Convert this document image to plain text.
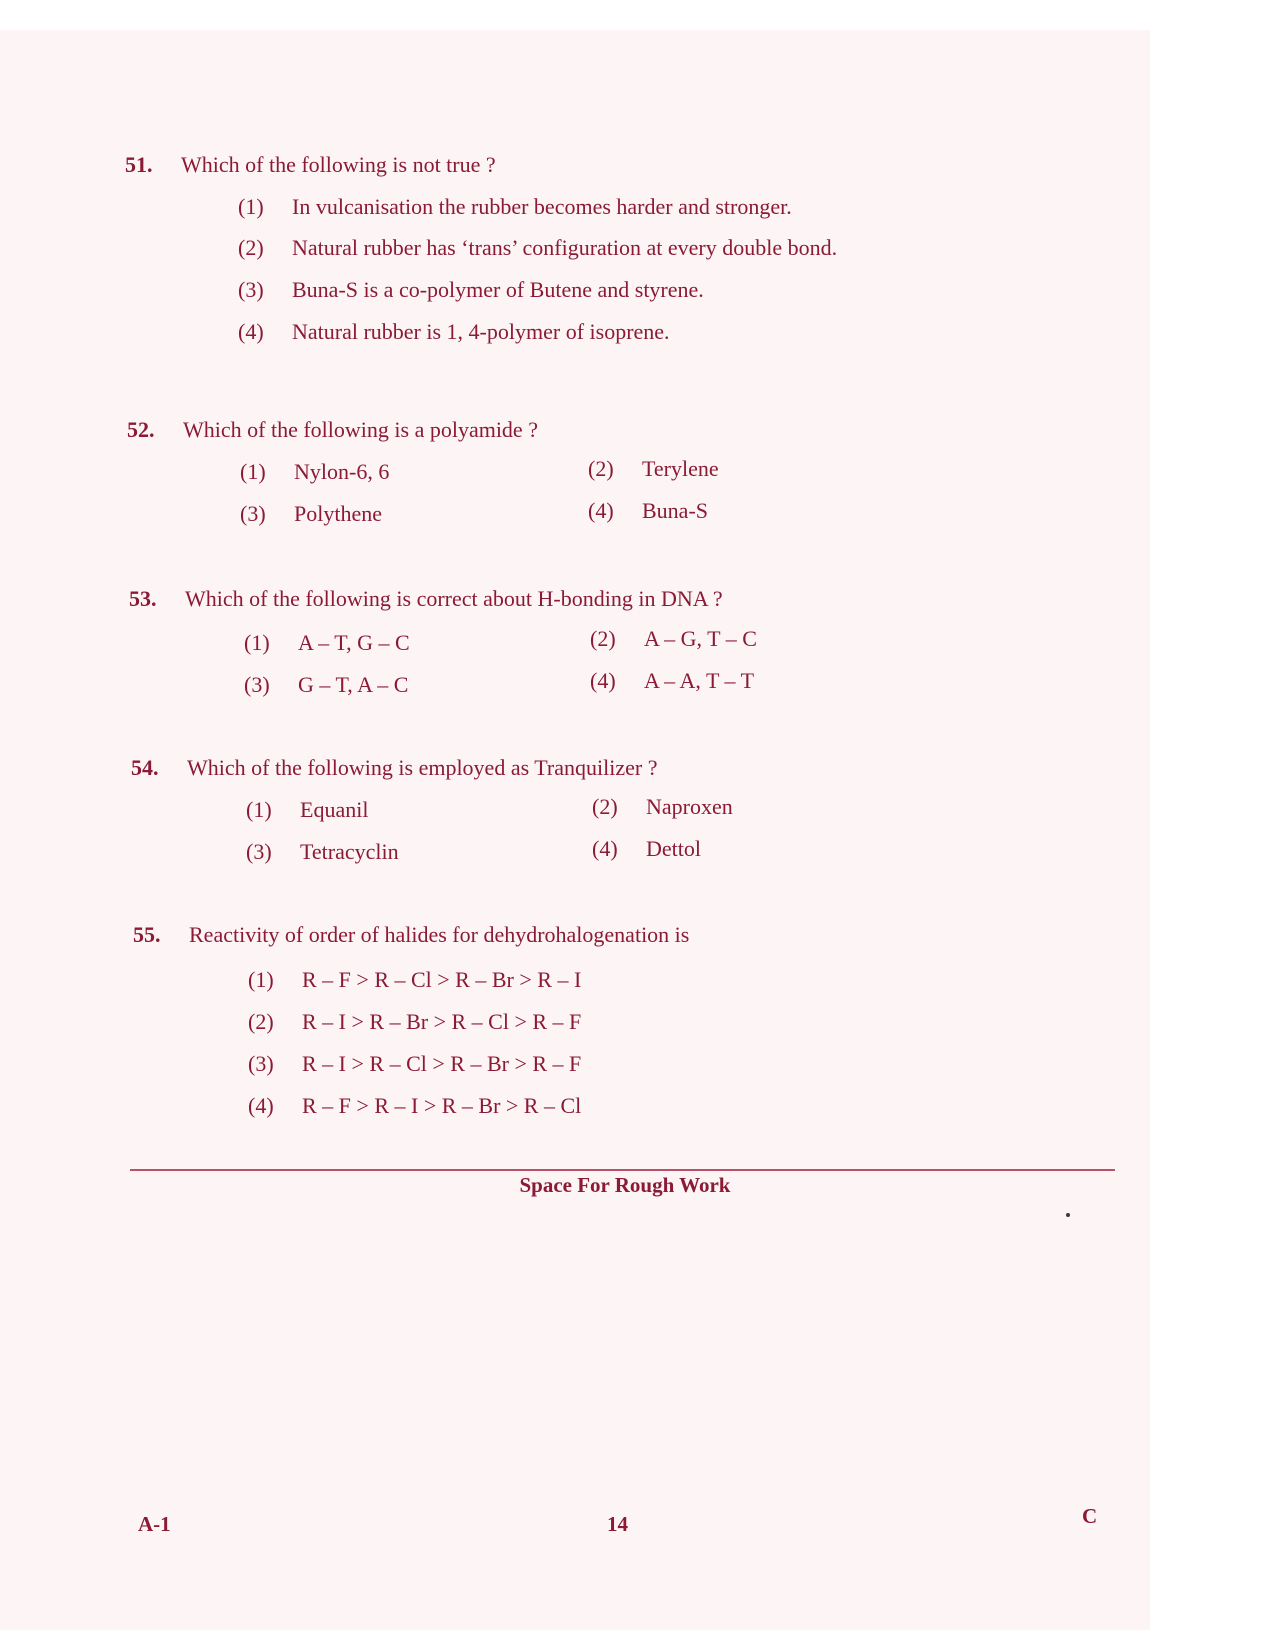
51. Which of the following is not true ?
(1) In vulcanisation the rubber becomes harder and stronger.
(2) Natural rubber has ‘trans’ configuration at every double bond.
(3) Buna-S is a co-polymer of Butene and styrene.
(4) Natural rubber is 1, 4-polymer of isoprene.
52. Which of the following is a polyamide ?
(1) Nylon-6, 6	(2) Terylene
(3) Polythene	(4) Buna-S
53. Which of the following is correct about H-bonding in DNA ?
(1) A – T, G – C	(2) A – G, T – C
(3) G – T, A – C	(4) A – A, T – T
54. Which of the following is employed as Tranquilizer ?
(1) Equanil	(2) Naproxen
(3) Tetracyclin	(4) Dettol
55. Reactivity of order of halides for dehydrohalogenation is
(1) R – F > R – Cl > R – Br > R – I
(2) R – I > R – Br > R – Cl > R – F
(3) R – I > R – Cl > R – Br > R – F
(4) R – F > R – I > R – Br > R – Cl
Space For Rough Work
A-1	14	C
